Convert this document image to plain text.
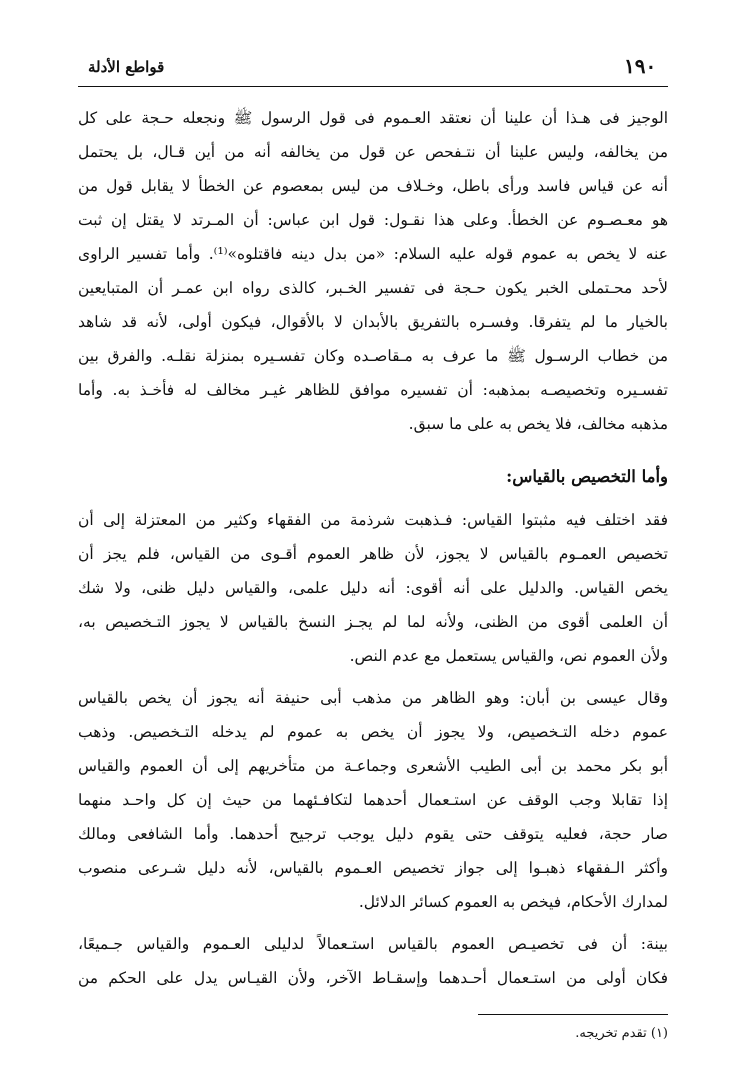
١٩٠
قواطع الأدلة
الوجيز فى هـذا أن علينا أن نعتقد العـموم فى قول الرسول ﷺ ونجعله حـجة على كل
من يخالفه، وليس علينا أن نتـفحص عن قول من يخالفه أنه من أين قـال، بل يحتمل
أنه عن قياس فاسد ورأى باطل، وخـلاف من ليس بمعصوم عن الخطأ لا يقابل قول من
هو معـصـوم عن الخطأ. وعلى هذا نقـول: قول ابن عباس: أن المـرتد لا يقتل إن ثبت
عنه لا يخص به عموم قوله عليه السلام: «من بدل دينه فاقتلوه»⁽¹⁾. وأما تفسير الراوى
لأحد محـتملى الخبر يكون حـجة فى تفسير الخـبر، كالذى رواه ابن عمـر أن المتبايعين
بالخيار ما لم يتفرقا. وفسـره بالتفريق بالأبدان لا بالأقوال، فيكون أولى، لأنه قد شاهد
من خطاب الرسـول ﷺ ما عرف به مـقاصـده وكان تفسـيره بمنزلة نقلـه. والفرق بين
تفسـيره وتخصيصـه بمذهبه: أن تفسيره موافق للظاهر غيـر مخالف له فأخـذ به. وأما
مذهبه مخالف، فلا يخص به على ما سبق.
وأما التخصيص بالقياس:
فقد اختلف فيه مثبتوا القياس: فـذهبت شرذمة من الفقهاء وكثير من المعتزلة إلى أن
تخصيص العمـوم بالقياس لا يجوز، لأن ظاهر العموم أقـوى من القياس، فلم يجز أن
يخص القياس. والدليل على أنه أقوى: أنه دليل علمى، والقياس دليل ظنى، ولا شك
أن العلمى أقوى من الظنى، ولأنه لما لم يجـز النسخ بالقياس لا يجوز التـخصيص به،
ولأن العموم نص، والقياس يستعمل مع عدم النص.
وقال عيسى بن أبان: وهو الظاهر من مذهب أبى حنيفة أنه يجوز أن يخص بالقياس
عموم دخله التـخصيص، ولا يجوز أن يخص به عموم لم يدخله التـخصيص. وذهب
أبو بكر محمد بن أبى الطيب الأشعرى وجماعـة من متأخريهم إلى أن العموم والقياس
إذا تقابلا وجب الوقف عن استـعمال أحدهما لتكافـئهما من حيث إن كل واحـد منهما
صار حجة، فعليه يتوقف حتى يقوم دليل يوجب ترجيح أحدهما. وأما الشافعى ومالك
وأكثر الـفقهاء ذهبـوا إلى جواز تخصيص العـموم بالقياس، لأنه دليل شـرعى منصوب
لمدارك الأحكام، فيخص به العموم كسائر الدلائل.
بينة: أن فى تخصيـص العموم بالقياس استـعمالاً لدليلى العـموم والقياس جـميعًا،
فكان أولى من استـعمال أحـدهما وإسقـاط الآخر، ولأن القيـاس يدل على الحكم من
(١) تقدم تخريجه.
